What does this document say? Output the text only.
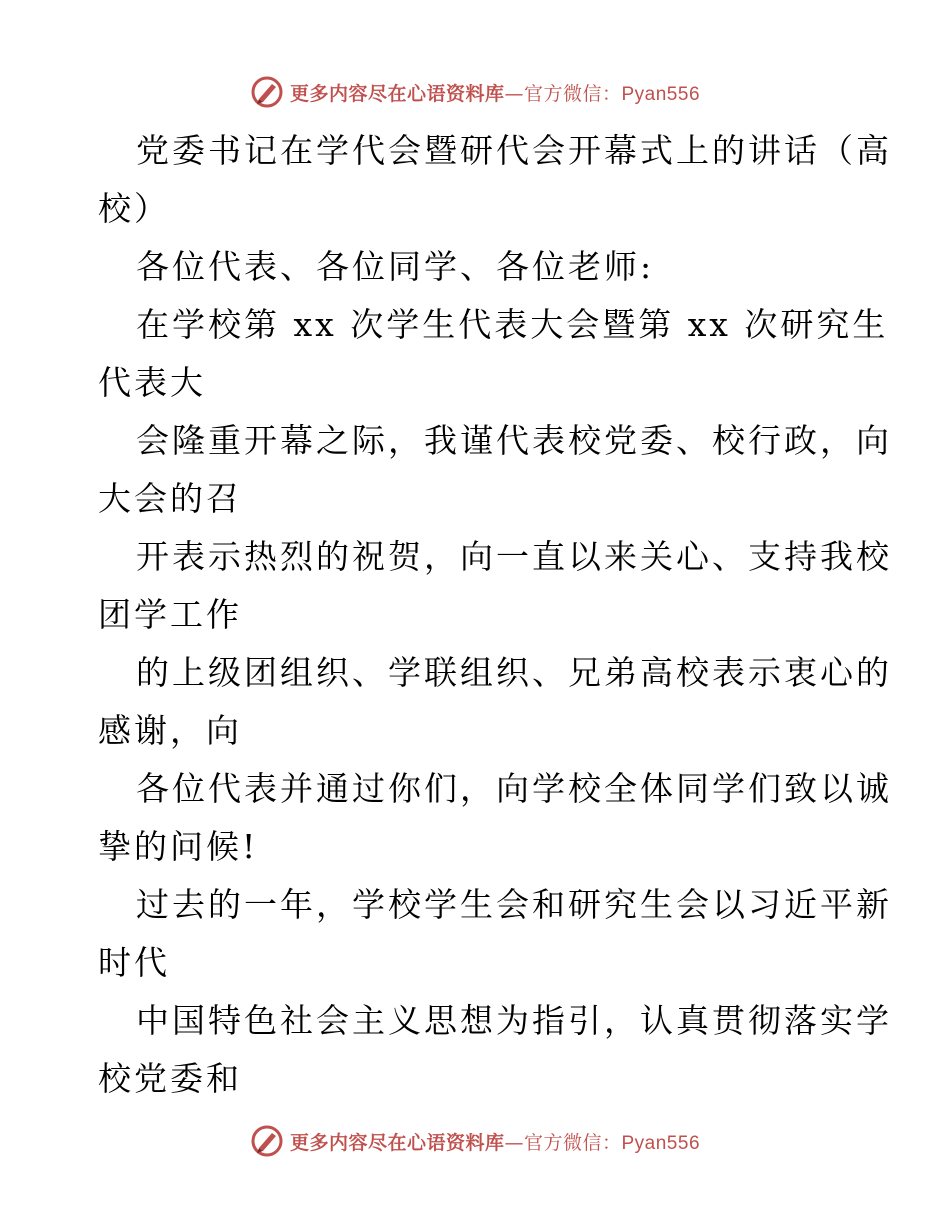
更多内容尽在心语资料库—官方微信：Pyan556
党委书记在学代会暨研代会开幕式上的讲话（高
校）
各位代表、各位同学、各位老师:
在学校第 xx 次学生代表大会暨第 xx 次研究生
代表大
会隆重开幕之际，我谨代表校党委、校行政，向
大会的召
开表示热烈的祝贺，向一直以来关心、支持我校
团学工作
的上级团组织、学联组织、兄弟高校表示衷心的
感谢，向
各位代表并通过你们，向学校全体同学们致以诚
挚的问候!
过去的一年，学校学生会和研究生会以习近平新
时代
中国特色社会主义思想为指引，认真贯彻落实学
校党委和
更多内容尽在心语资料库—官方微信：Pyan556
